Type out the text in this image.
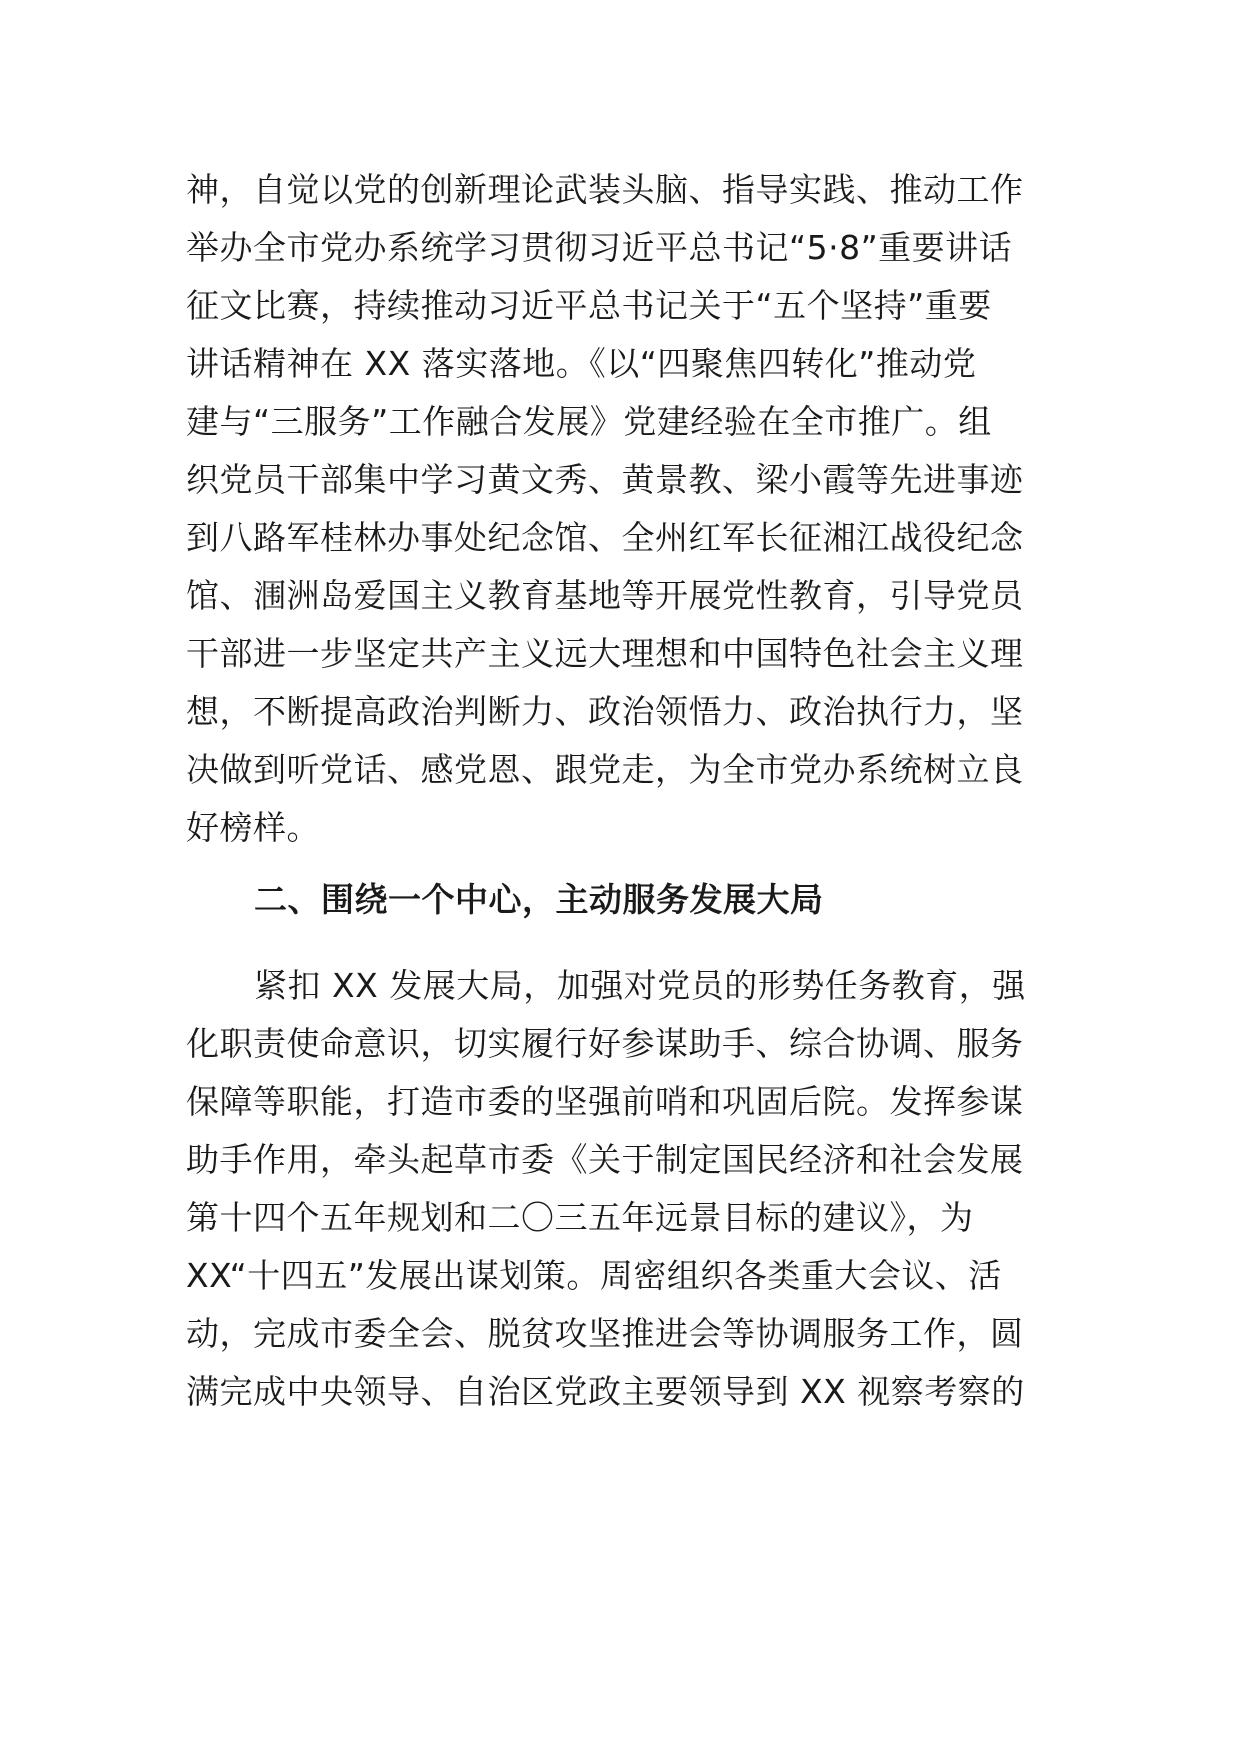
神，自觉以党的创新理论武装头脑、指导实践、推动工作
举办全市党办系统学习贯彻习近平总书记“5·8”重要讲话
征文比赛，持续推动习近平总书记关于“五个坚持”重要
讲话精神在 XX 落实落地。《以“四聚焦四转化”推动党
建与“三服务”工作融合发展》党建经验在全市推广。组
织党员干部集中学习黄文秀、黄景教、梁小霞等先进事迹
到八路军桂林办事处纪念馆、全州红军长征湘江战役纪念
馆、涠洲岛爱国主义教育基地等开展党性教育，引导党员
干部进一步坚定共产主义远大理想和中国特色社会主义理
想，不断提高政治判断力、政治领悟力、政治执行力，坚
决做到听党话、感党恩、跟党走，为全市党办系统树立良
好榜样。
二、围绕一个中心，主动服务发展大局
紧扣 XX 发展大局，加强对党员的形势任务教育，强
化职责使命意识，切实履行好参谋助手、综合协调、服务
保障等职能，打造市委的坚强前哨和巩固后院。发挥参谋
助手作用，牵头起草市委《关于制定国民经济和社会发展
第十四个五年规划和二〇三五年远景目标的建议》，为
XX“十四五”发展出谋划策。周密组织各类重大会议、活
动，完成市委全会、脱贫攻坚推进会等协调服务工作，圆
满完成中央领导、自治区党政主要领导到 XX 视察考察的
